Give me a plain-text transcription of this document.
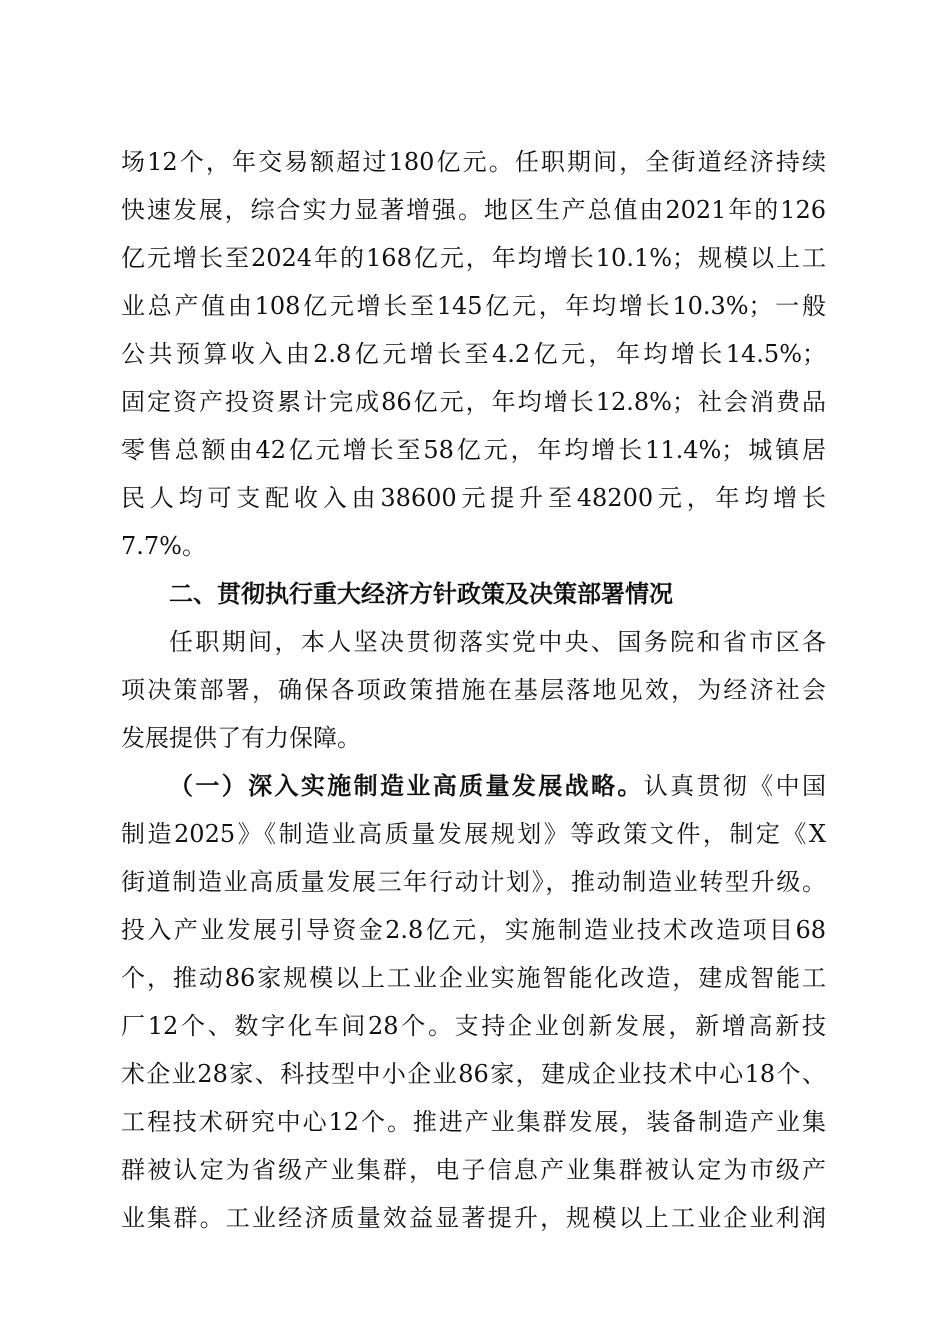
场12个，年交易额超过180亿元。任职期间，全街道经济持续
快速发展，综合实力显著增强。地区生产总值由2021年的126
亿元增长至2024年的168亿元，年均增长10.1%；规模以上工
业总产值由108亿元增长至145亿元，年均增长10.3%；一般
公共预算收入由2.8亿元增长至4.2亿元，年均增长14.5%；
固定资产投资累计完成86亿元，年均增长12.8%；社会消费品
零售总额由42亿元增长至58亿元，年均增长11.4%；城镇居
民人均可支配收入由38600元提升至48200元，年均增长
7.7%。
二、贯彻执行重大经济方针政策及决策部署情况
任职期间，本人坚决贯彻落实党中央、国务院和省市区各
项决策部署，确保各项政策措施在基层落地见效，为经济社会
发展提供了有力保障。
（一）深入实施制造业高质量发展战略。认真贯彻《中国
制造2025》《制造业高质量发展规划》等政策文件，制定《X
街道制造业高质量发展三年行动计划》，推动制造业转型升级。
投入产业发展引导资金2.8亿元，实施制造业技术改造项目68
个，推动86家规模以上工业企业实施智能化改造，建成智能工
厂12个、数字化车间28个。支持企业创新发展，新增高新技
术企业28家、科技型中小企业86家，建成企业技术中心18个、
工程技术研究中心12个。推进产业集群发展，装备制造产业集
群被认定为省级产业集群，电子信息产业集群被认定为市级产
业集群。工业经济质量效益显著提升，规模以上工业企业利润
